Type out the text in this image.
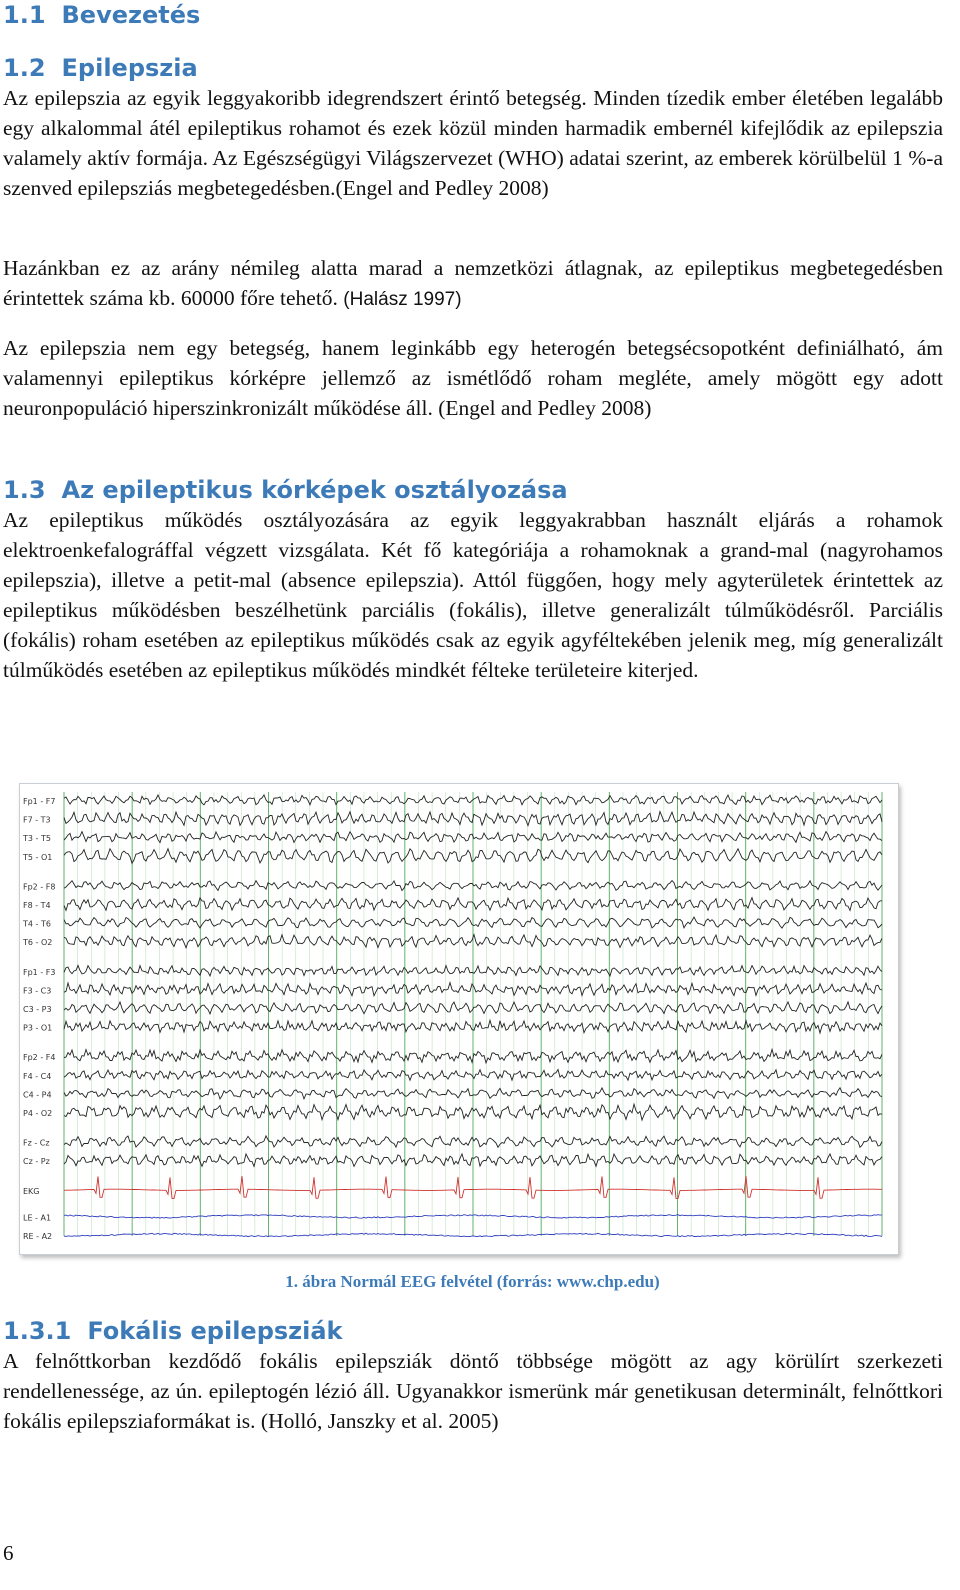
1.1 Bevezetés
1.2 Epilepszia

Az epilepszia az egyik leggyakoribb idegrendszert érintő betegség. Minden tízedik ember életében legalább egy alkalommal átél epileptikus rohamot és ezek közül minden harmadik embernél kifejlődik az epilepszia valamely aktív formája. Az Egészségügyi Világszervezet (WHO) adatai szerint, az emberek körülbelül 1 %-a szenved epilepsziás megbetegedésben.(Engel and Pedley 2008)

Hazánkban ez az arány némileg alatta marad a nemzetközi átlagnak, az epileptikus megbetegedésben érintettek száma kb. 60000 főre tehető. (Halász 1997)

Az epilepszia nem egy betegség, hanem leginkább egy heterogén betegsécsopotként definiálható, ám valamennyi epileptikus kórképre jellemző az ismétlődő roham megléte, amely mögött egy adott neuronpopuláció hiperszinkronizált működése áll. (Engel and Pedley 2008)

1.3 Az epileptikus kórképek osztályozása

Az epileptikus működés osztályozására az egyik leggyakrabban használt eljárás a rohamok elektroenkefalográffal végzett vizsgálata. Két fő kategóriája a rohamoknak a grand-mal (nagyrohamos epilepszia), illetve a petit-mal (absence epilepszia). Attól függően, hogy mely agyterületek érintettek az epileptikus működésben beszélhetünk parciális (fokális), illetve generalizált túlműködésről. Parciális (fokális) roham esetében az epileptikus működés csak az egyik agyféltekében jelenik meg, míg generalizált túlműködés esetében az epileptikus működés mindkét félteke területeire kiterjed.

Fp1 - F7
F7 - T3
T3 - T5
T5 - O1
Fp2 - F8
F8 - T4
T4 - T6
T6 - O2
Fp1 - F3
F3 - C3
C3 - P3
P3 - O1
Fp2 - F4
F4 - C4
C4 - P4
P4 - O2
Fz - Cz
Cz - Pz
EKG
LE - A1
RE - A2
1. ábra Normál EEG felvétel (forrás: www.chp.edu)
1.3.1 Fokális epilepsziák

A felnőttkorban kezdődő fokális epilepsziák döntő többsége mögött az agy körülírt szerkezeti rendellenessége, az ún. epileptogén lézió áll. Ugyanakkor ismerünk már genetikusan determinált, felnőttkori fokális epilepsziaformákat is. (Holló, Janszky et al. 2005)

6
